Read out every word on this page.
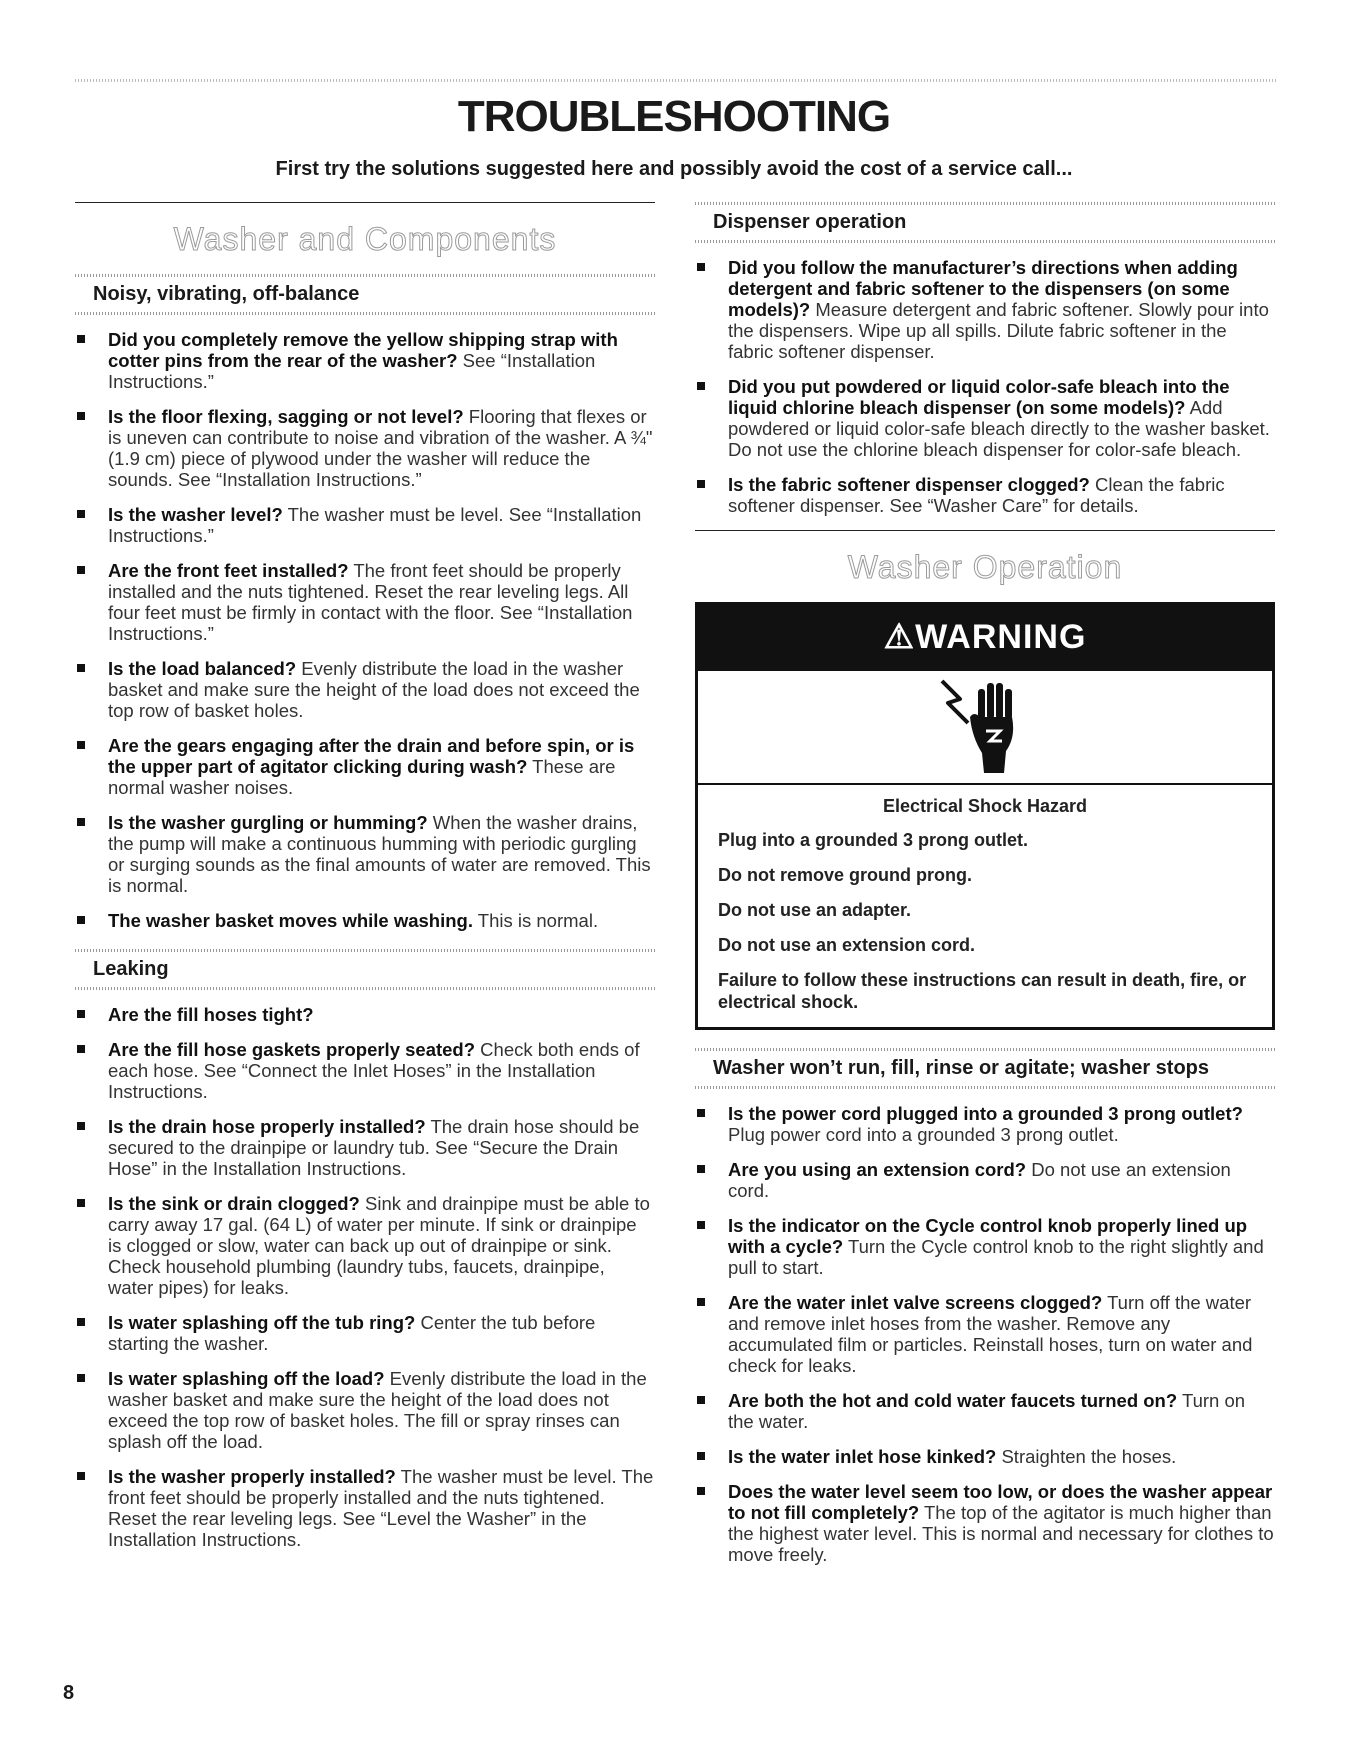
TROUBLESHOOTING

First try the solutions suggested here and possibly avoid the cost of a service call...

Washer and Components
Noisy, vibrating, off-balance
Did you completely remove the yellow shipping strap with cotter pins from the rear of the washer? See “Installation Instructions.”
Is the floor flexing, sagging or not level? Flooring that flexes or is uneven can contribute to noise and vibration of the washer. A ¾" (1.9 cm) piece of plywood under the washer will reduce the sounds. See “Installation Instructions.”
Is the washer level? The washer must be level. See “Installation Instructions.”
Are the front feet installed? The front feet should be properly installed and the nuts tightened. Reset the rear leveling legs. All four feet must be firmly in contact with the floor. See “Installation Instructions.”
Is the load balanced? Evenly distribute the load in the washer basket and make sure the height of the load does not exceed the top row of basket holes.
Are the gears engaging after the drain and before spin, or is the upper part of agitator clicking during wash? These are normal washer noises.
Is the washer gurgling or humming? When the washer drains, the pump will make a continuous humming with periodic gurgling or surging sounds as the final amounts of water are removed. This is normal.
The washer basket moves while washing. This is normal.
Leaking
Are the fill hoses tight?
Are the fill hose gaskets properly seated? Check both ends of each hose. See “Connect the Inlet Hoses” in the Installation Instructions.
Is the drain hose properly installed? The drain hose should be secured to the drainpipe or laundry tub. See “Secure the Drain Hose” in the Installation Instructions.
Is the sink or drain clogged? Sink and drainpipe must be able to carry away 17 gal. (64 L) of water per minute. If sink or drainpipe is clogged or slow, water can back up out of drainpipe or sink. Check household plumbing (laundry tubs, faucets, drainpipe, water pipes) for leaks.
Is water splashing off the tub ring? Center the tub before starting the washer.
Is water splashing off the load? Evenly distribute the load in the washer basket and make sure the height of the load does not exceed the top row of basket holes. The fill or spray rinses can splash off the load.
Is the washer properly installed? The washer must be level. The front feet should be properly installed and the nuts tightened. Reset the rear leveling legs. See “Level the Washer” in the Installation Instructions.
Dispenser operation
Did you follow the manufacturer’s directions when adding detergent and fabric softener to the dispensers (on some models)? Measure detergent and fabric softener. Slowly pour into the dispensers. Wipe up all spills. Dilute fabric softener in the fabric softener dispenser.
Did you put powdered or liquid color-safe bleach into the liquid chlorine bleach dispenser (on some models)? Add powdered or liquid color-safe bleach directly to the washer basket. Do not use the chlorine bleach dispenser for color-safe bleach.
Is the fabric softener dispenser clogged? Clean the fabric softener dispenser. See “Washer Care” for details.
Washer Operation
⚠WARNING

Electrical Shock Hazard

Plug into a grounded 3 prong outlet.

Do not remove ground prong.

Do not use an adapter.

Do not use an extension cord.

Failure to follow these instructions can result in death, fire, or electrical shock.

Washer won’t run, fill, rinse or agitate; washer stops
Is the power cord plugged into a grounded 3 prong outlet? Plug power cord into a grounded 3 prong outlet.
Are you using an extension cord? Do not use an extension cord.
Is the indicator on the Cycle control knob properly lined up with a cycle? Turn the Cycle control knob to the right slightly and pull to start.
Are the water inlet valve screens clogged? Turn off the water and remove inlet hoses from the washer. Remove any accumulated film or particles. Reinstall hoses, turn on water and check for leaks.
Are both the hot and cold water faucets turned on? Turn on the water.
Is the water inlet hose kinked? Straighten the hoses.
Does the water level seem too low, or does the washer appear to not fill completely? The top of the agitator is much higher than the highest water level. This is normal and necessary for clothes to move freely.
8
